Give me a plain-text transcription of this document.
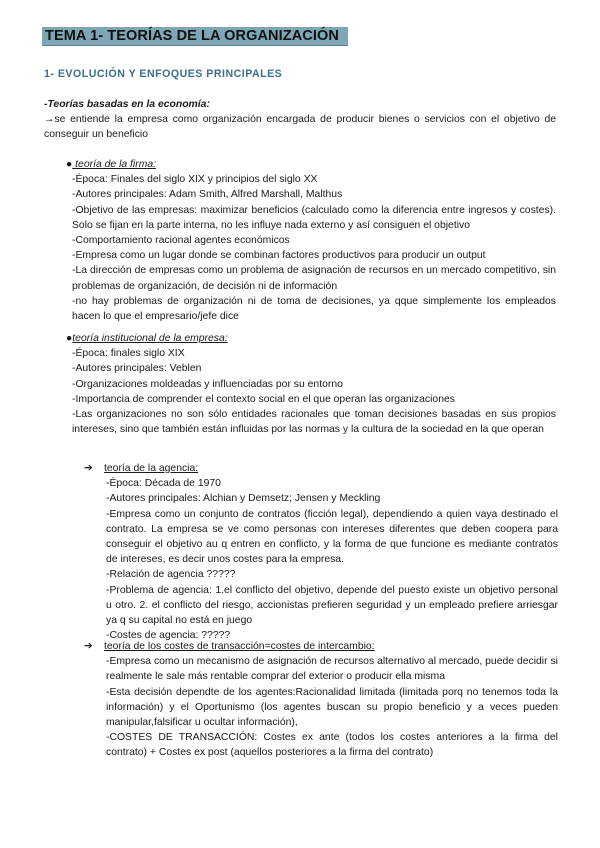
TEMA 1- TEORÍAS DE LA ORGANIZACIÓN
1- EVOLUCIÓN Y ENFOQUES PRINCIPALES
-Teorías basadas en la economía:
→se entiende la empresa como organización encargada de producir bienes o servicios con el objetivo de conseguir un beneficio
● teoría de la firma:
-Época: Finales del siglo XIX y principios del siglo XX
-Autores principales: Adam Smith, Alfred Marshall, Malthus
-Objetivo de las empresas: maximizar beneficios (calculado como la diferencia entre ingresos y costes). Solo se fijan en la parte interna, no les influye nada externo y así consiguen el objetivo
-Comportamiento racional agentes económicos
-Empresa como un lugar donde se combinan factores productivos para producir un output
-La dirección de empresas como un problema de asignación de recursos en un mercado competitivo, sin problemas de organización, de decisión ni de información
-no hay problemas de organización ni de toma de decisiones, ya qque simplemente los empleados hacen lo que el empresario/jefe dice
●teoría institucional de la empresa:
-Época: finales siglo XIX
-Autores principales: Veblen
-Organizaciones moldeadas y influenciadas por su entorno
-Importancia de comprender el contexto social en el que operan las organizaciones
-Las organizaciones no son sólo entidades racionales que toman decisiones basadas en sus propios intereses, sino que también están influidas por las normas y la cultura de la sociedad en la que operan
➔ teoría de la agencia:
-Época: Década de 1970
-Autores principales: Alchian y Demsetz; Jensen y Meckling
-Empresa como un conjunto de contratos (ficción legal), dependiendo a quien vaya destinado el contrato. La empresa se ve como personas con intereses diferentes que deben coopera para conseguir el objetivo au q entren en conflicto, y la forma de que funcione es mediante contratos de intereses, es decir unos costes para la empresa.
-Relación de agencia ?????
-Problema de agencia: 1.el conflicto del objetivo, depende del puesto existe un objetivo personal u otro. 2. el conflicto del riesgo, accionistas prefieren seguridad y un empleado prefiere arriesgar ya q su capital no está en juego
-Costes de agencia: ?????
➔ teoría de los costes de transacción=costes de intercambio:
-Empresa como un mecanismo de asignación de recursos alternativo al mercado, puede decidir si realmente le sale más rentable comprar del exterior o producir ella misma
-Esta decisión dependte de los agentes:Racionalidad limitada (limitada porq no tenemos toda la información) y el Oportunismo (los agentes buscan su propio beneficio y a veces pueden manipular,falsificar u ocultar información),
-COSTES DE TRANSACCIÓN: Costes ex ante (todos los costes anteriores a la firma del contrato) + Costes ex post (aquellos posteriores a la firma del contrato)
